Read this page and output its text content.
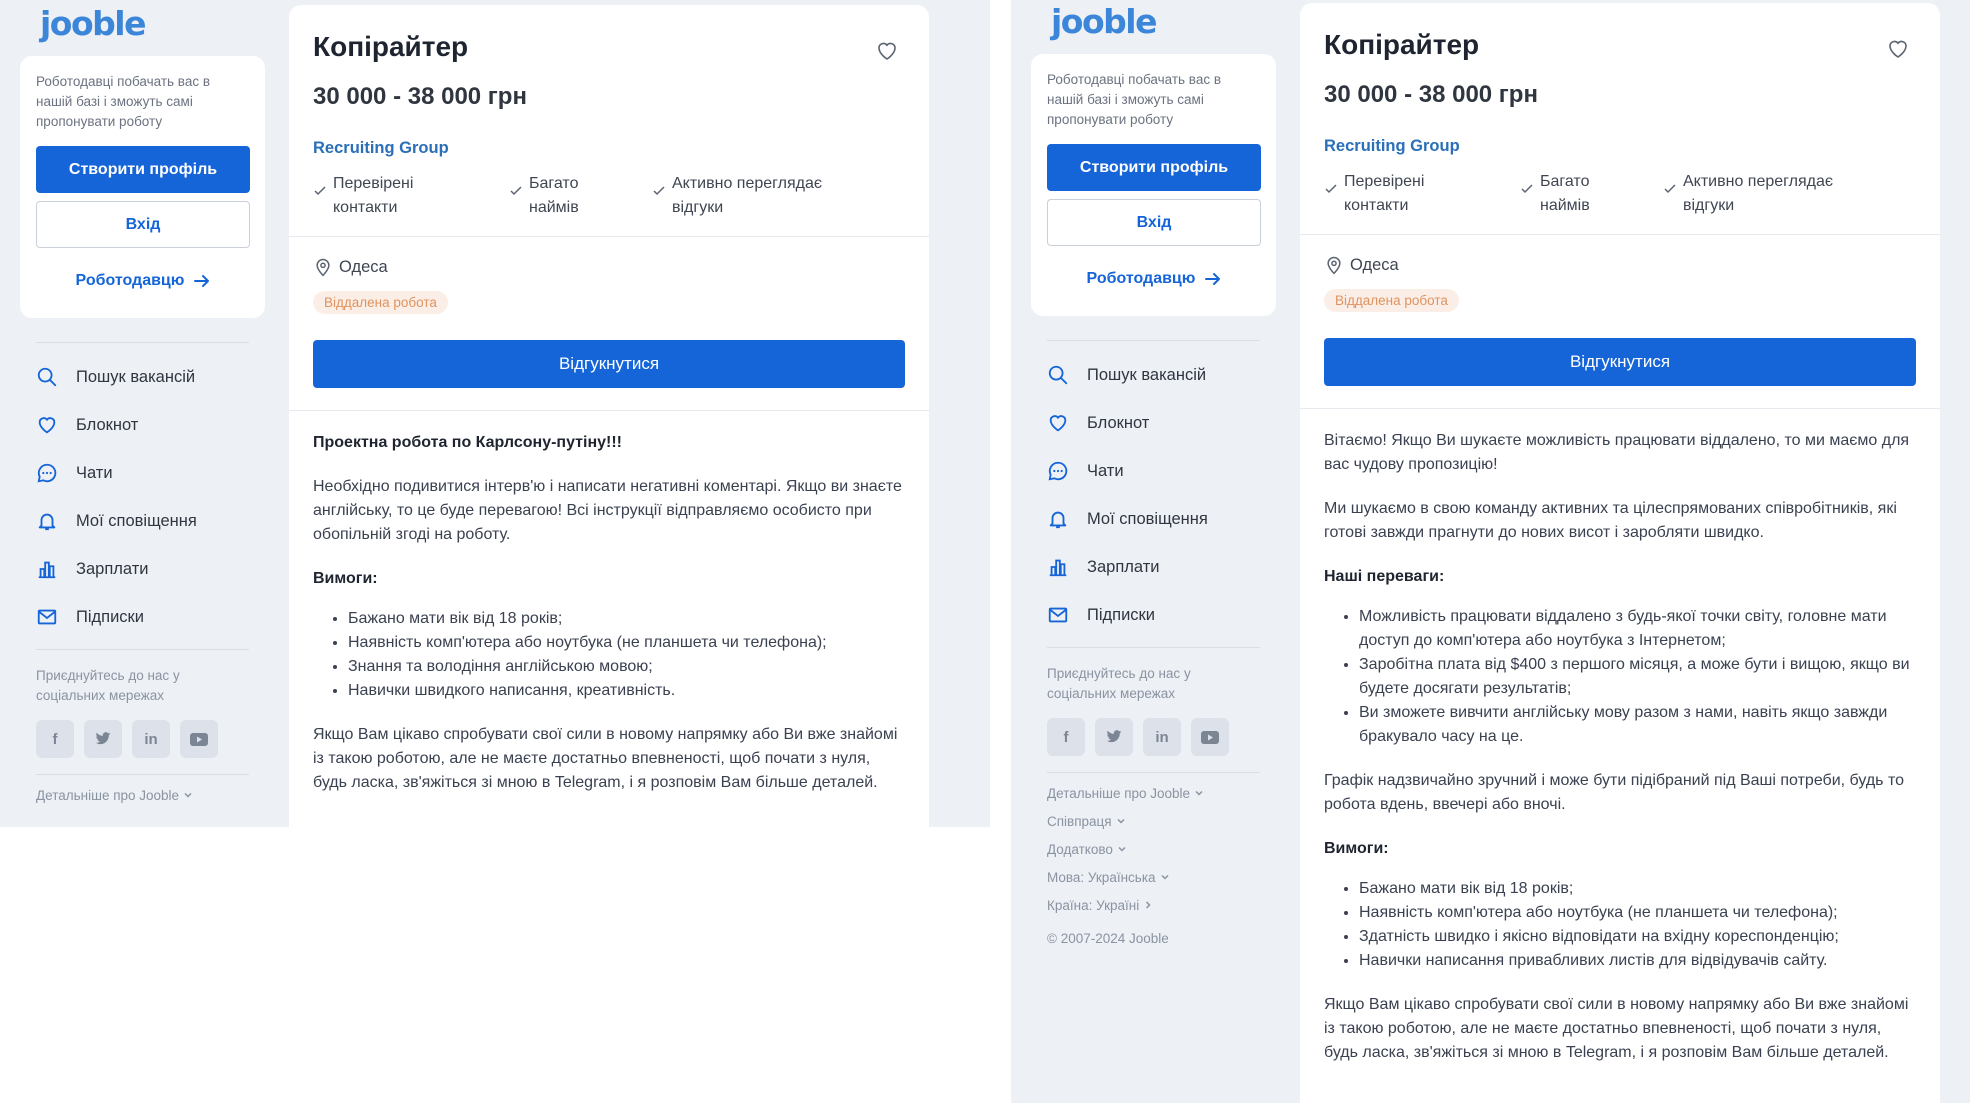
jooble
Роботодавці побачать вас в нашій базі і зможуть самі пропонувати роботу
Створити профіль
Вхід
Роботодавцю
Пошук вакансій
Блокнот
Чати
Мої сповіщення
Зарплати
Підписки
Приєднуйтесь до нас у соціальних мережах
f	in
Детальніше про Jooble
Копірайтер
30 000 - 38 000 грн
Recruiting Group
Перевірені контакти
Багато наймів
Активно переглядає відгуки
Одеса
Віддалена робота
Відгукнутися

Проектна робота по Карлсону-путіну!!!

Необхідно подивитися інтерв'ю і написати негативні коментарі. Якщо ви знаєте англійську, то це буде перевагою! Всі інструкції відправляємо особисто при обопільній згоді на роботу.

Вимоги:

• Бажано мати вік від 18 років;
• Наявність комп'ютера або ноутбука (не планшета чи телефона);
• Знання та володіння англійською мовою;
• Навички швидкого написання, креативність.

Якщо Вам цікаво спробувати свої сили в новому напрямку або Ви вже знайомі із такою роботою, але не маєте достатньо впевненості, щоб почати з нуля, будь ласка, зв'яжіться зі мною в Telegram, і я розповім Вам більше деталей.

jooble
Роботодавці побачать вас в нашій базі і зможуть самі пропонувати роботу
Створити профіль
Вхід
Роботодавцю
Пошук вакансій
Блокнот
Чати
Мої сповіщення
Зарплати
Підписки
Приєднуйтесь до нас у соціальних мережах
f	in
Детальніше про Jooble
Співпраця
Додатково
Мова: Українська
Країна: Україні
© 2007-2024 Jooble
Копірайтер
30 000 - 38 000 грн
Recruiting Group
Перевірені контакти
Багато наймів
Активно переглядає відгуки
Одеса
Віддалена робота
Відгукнутися

Вітаємо! Якщо Ви шукаєте можливість працювати віддалено, то ми маємо для вас чудову пропозицію!

Ми шукаємо в свою команду активних та цілеспрямованих співробітників, які готові завжди прагнути до нових висот і заробляти швидко.

Наші переваги:

• Можливість працювати віддалено з будь-якої точки світу, головне мати доступ до комп'ютера або ноутбука з Інтернетом;
• Заробітна плата від $400 з першого місяця, а може бути і вищою, якщо ви будете досягати результатів;
• Ви зможете вивчити англійську мову разом з нами, навіть якщо завжди бракувало часу на це.

Графік надзвичайно зручний і може бути підібраний під Ваші потреби, будь то робота вдень, ввечері або вночі.

Вимоги:

• Бажано мати вік від 18 років;
• Наявність комп'ютера або ноутбука (не планшета чи телефона);
• Здатність швидко і якісно відповідати на вхідну кореспонденцію;
• Навички написання привабливих листів для відвідувачів сайту.

Якщо Вам цікаво спробувати свої сили в новому напрямку або Ви вже знайомі із такою роботою, але не маєте достатньо впевненості, щоб почати з нуля, будь ласка, зв'яжіться зі мною в Telegram, і я розповім Вам більше деталей.
